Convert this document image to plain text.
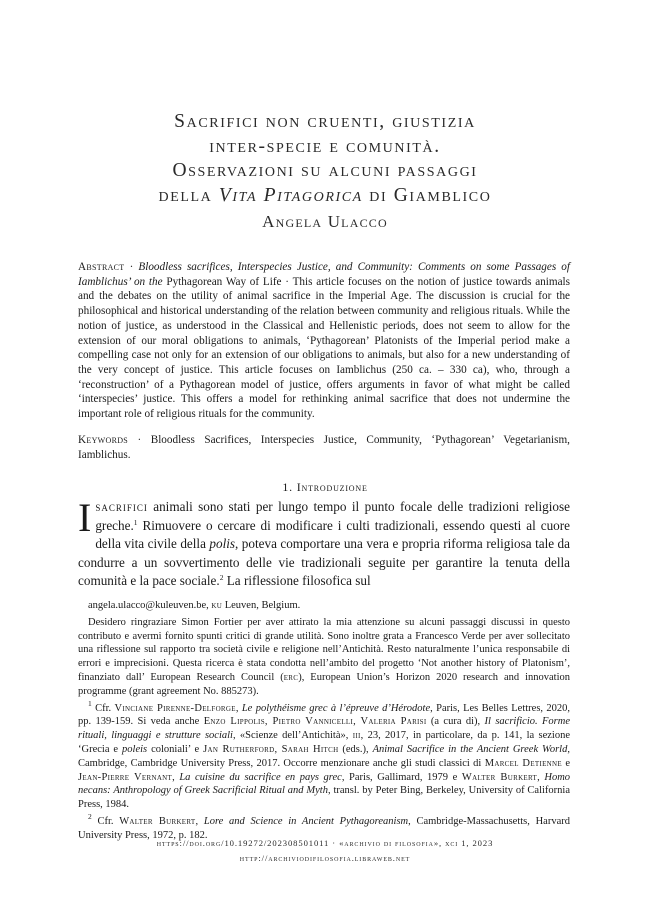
Sacrifici non cruenti, giustizia
inter-specie e comunità.
Osservazioni su alcuni passaggi
della Vita Pitagorica di Giamblico
Angela Ulacco
Abstract · Bloodless sacrifices, Interspecies Justice, and Community: Comments on some Passages of Iamblichus’ on the Pythagorean Way of Life · This article focuses on the notion of justice towards animals and the debates on the utility of animal sacrifice in the Imperial Age. The discussion is crucial for the philosophical and historical understanding of the relation between community and religious rituals. While the notion of justice, as understood in the Classical and Hellenistic periods, does not seem to allow for the extension of our moral obligations to animals, ‘Pythagorean’ Platonists of the Imperial period make a compelling case not only for an extension of our obligations to animals, but also for a new understanding of the very concept of justice. This article focuses on Iamblichus (250 ca. – 330 ca), who, through a ‘reconstruction’ of a Pythagorean model of justice, offers arguments in favor of what might be called ‘interspecies’ justice. This offers a model for rethinking animal sacrifice that does not undermine the important role of religious rituals for the community.
Keywords · Bloodless Sacrifices, Interspecies Justice, Community, ‘Pythagorean’ Vegetarianism, Iamblichus.
1. Introduzione
Isacrifici animali sono stati per lungo tempo il punto focale delle tradizioni religiose greche.$^1$ Rimuovere o cercare di modificare i culti tradizionali, essendo questi al cuore della vita civile della polis, poteva comportare una vera e propria riforma religiosa tale da condurre a un sovvertimento delle vie tradizionali seguite per garantire la tenuta della comunità e la pace sociale.$^2$ La riflessione filosofica sul

angela.ulacco@kuleuven.be, ku Leuven, Belgium.

Desidero ringraziare Simon Fortier per aver attirato la mia attenzione su alcuni passaggi discussi in questo contributo e avermi fornito spunti critici di grande utilità. Sono inoltre grata a Francesco Verde per aver sollecitato una riflessione sul rapporto tra società civile e religione nell’Antichità. Resto naturalmente l’unica responsabile di errori e imprecisioni. Questa ricerca è stata condotta nell’ambito del progetto ‘Not another history of Platonism’, finanziato dall’ European Research Council (erc), European Union’s Horizon 2020 research and innovation programme (grant agreement No. 885273).

$^1$ Cfr. Vinciane Pirenne-Delforge, Le polythéisme grec à l’épreuve d’Hérodote, Paris, Les Belles Lettres, 2020, pp. 139-159. Si veda anche Enzo Lippolis, Pietro Vannicelli, Valeria Parisi (a cura di), Il sacrificio. Forme rituali, linguaggi e strutture sociali, «Scienze dell’Antichità», iii, 23, 2017, in particolare, da p. 141, la sezione ‘Grecia e poleis coloniali’ e Jan Rutherford, Sarah Hitch (eds.), Animal Sacrifice in the Ancient Greek World, Cambridge, Cambridge University Press, 2017. Occorre menzionare anche gli studi classici di Marcel Detienne e Jean-Pierre Vernant, La cuisine du sacrifice en pays grec, Paris, Gallimard, 1979 e Walter Burkert, Homo necans: Anthropology of Greek Sacrificial Ritual and Myth, transl. by Peter Bing, Berkeley, University of California Press, 1984.

$^2$ Cfr. Walter Burkert, Lore and Science in Ancient Pythagoreanism, Cambridge-Massachusetts, Harvard University Press, 1972, p. 182.

https://doi.org/10.19272/202308501011 · «archivio di filosofia», xci 1, 2023
http://archiviodifilosofia.libraweb.net
